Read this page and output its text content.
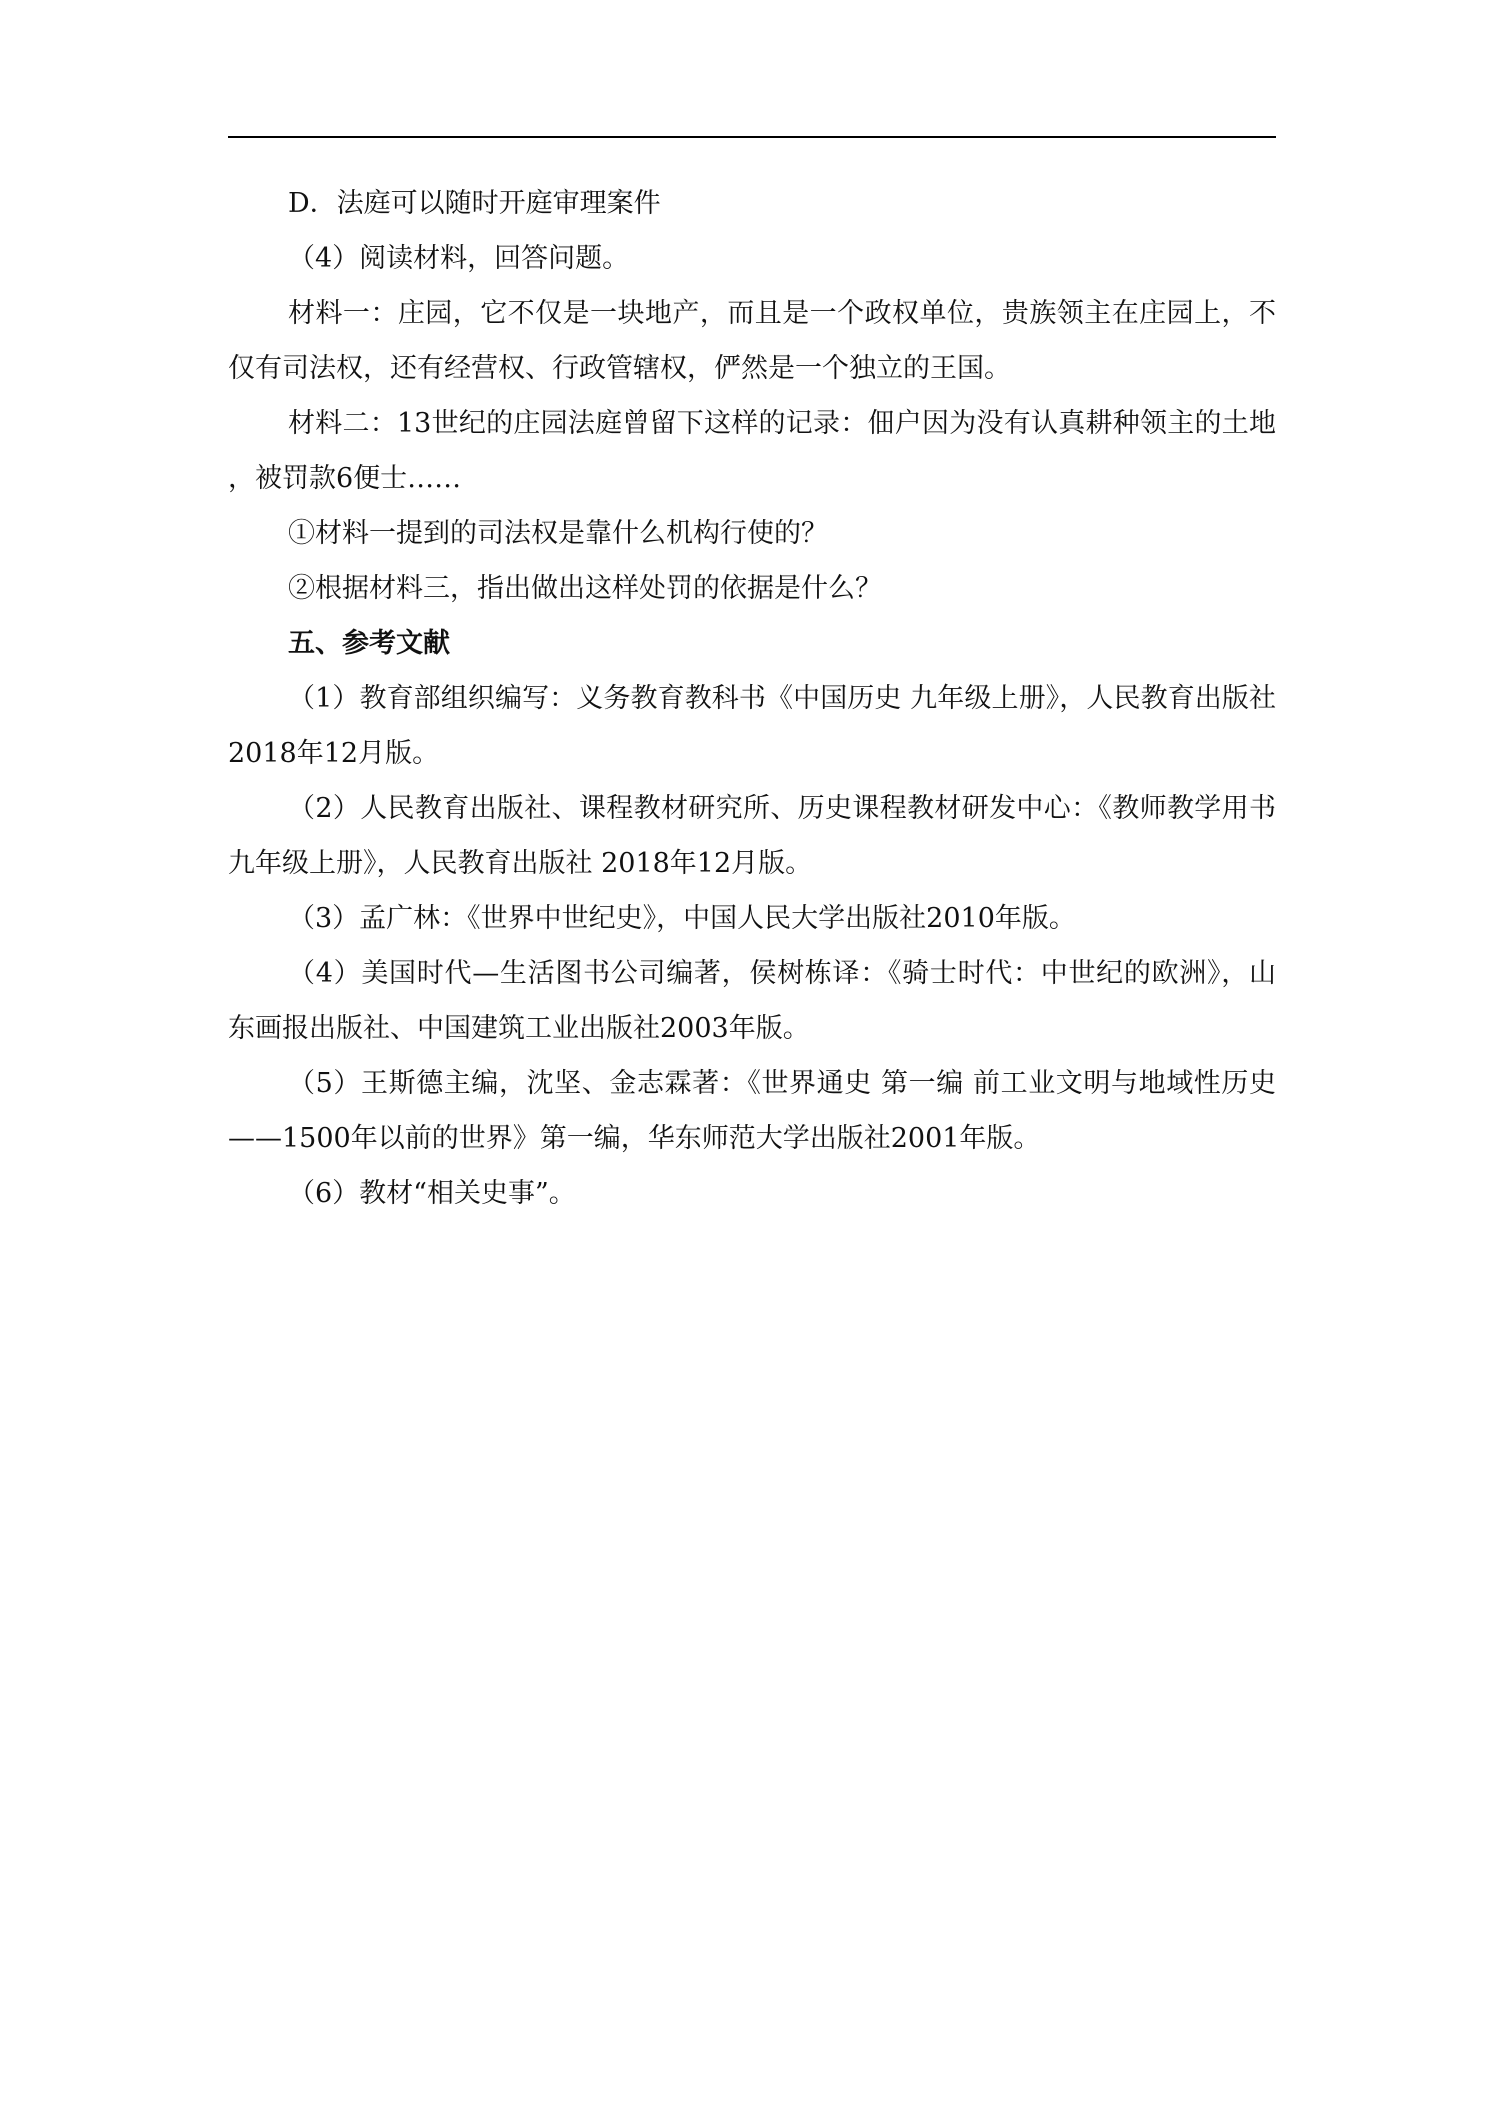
D．法庭可以随时开庭审理案件

（4）阅读材料，回答问题。

材料一：庄园，它不仅是一块地产，而且是一个政权单位，贵族领主在庄园上，不仅有司法权，还有经营权、行政管辖权，俨然是一个独立的王国。

材料二：13世纪的庄园法庭曾留下这样的记录：佃户因为没有认真耕种领主的土地，被罚款6便士……

①材料一提到的司法权是靠什么机构行使的？

②根据材料三，指出做出这样处罚的依据是什么？

五、参考文献

（1）教育部组织编写：义务教育教科书《中国历史 九年级上册》，人民教育出版社 2018年12月版。

（2）人民教育出版社、课程教材研究所、历史课程教材研发中心：《教师教学用书 九年级上册》，人民教育出版社 2018年12月版。

（3）孟广林：《世界中世纪史》，中国人民大学出版社2010年版。

（4）美国时代—生活图书公司编著，侯树栋译：《骑士时代：中世纪的欧洲》，山东画报出版社、中国建筑工业出版社2003年版。

（5）王斯德主编，沈坚、金志霖著：《世界通史 第一编 前工业文明与地域性历史——1500年以前的世界》第一编，华东师范大学出版社2001年版。

（6）教材“相关史事”。
